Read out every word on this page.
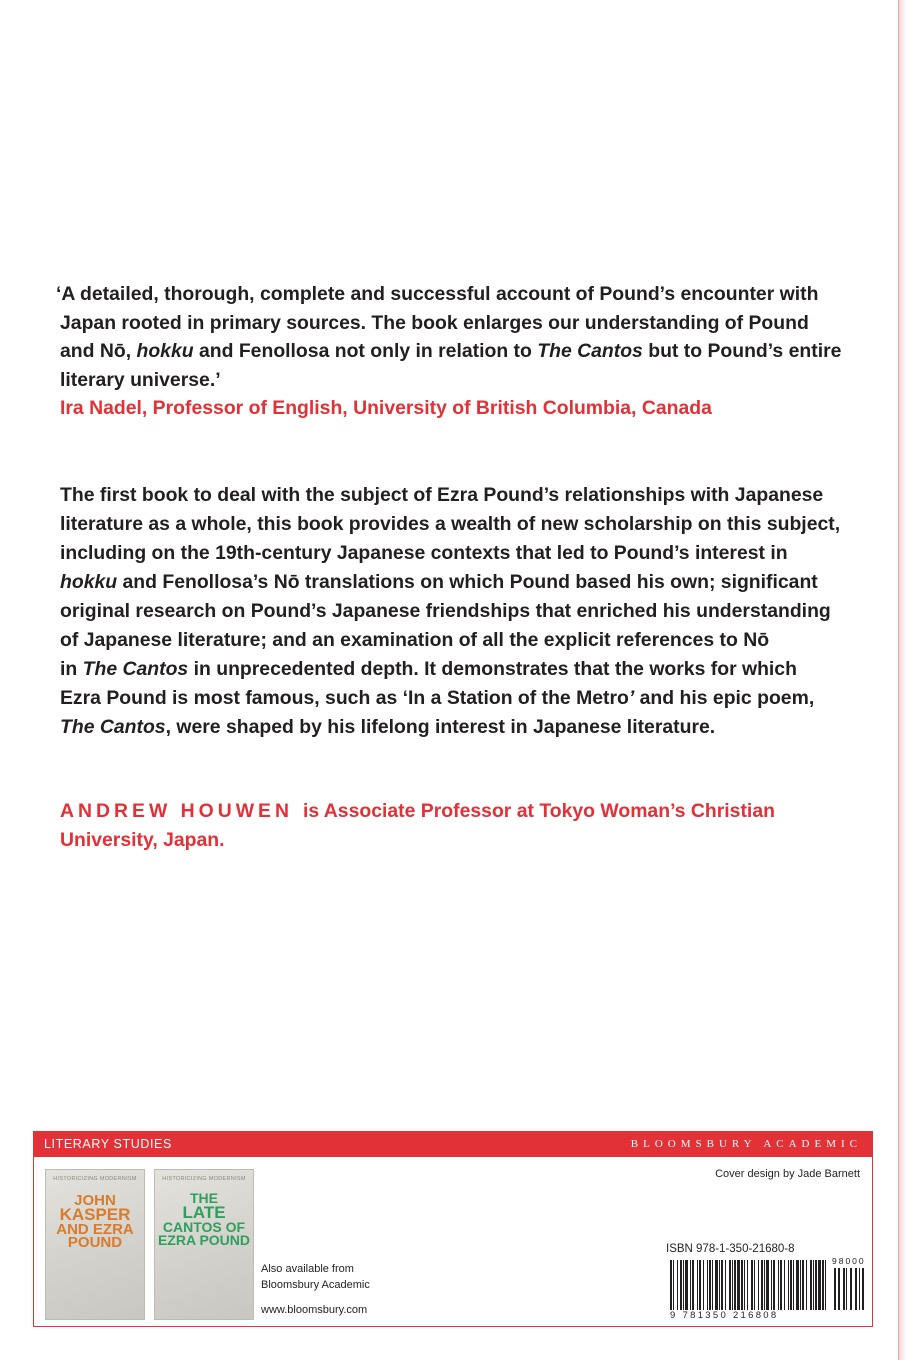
‘A detailed, thorough, complete and successful account of Pound’s encounter with
Japan rooted in primary sources. The book enlarges our understanding of Pound
and Nō, hokku and Fenollosa not only in relation to The Cantos but to Pound’s entire
literary universe.’
Ira Nadel, Professor of English, University of British Columbia, Canada
The first book to deal with the subject of Ezra Pound’s relationships with Japanese
literature as a whole, this book provides a wealth of new scholarship on this subject,
including on the 19th-century Japanese contexts that led to Pound’s interest in
hokku and Fenollosa’s Nō translations on which Pound based his own; significant
original research on Pound’s Japanese friendships that enriched his understanding
of Japanese literature; and an examination of all the explicit references to Nō
in The Cantos in unprecedented depth. It demonstrates that the works for which
Ezra Pound is most famous, such as ‘In a Station of the Metro’ and his epic poem,
The Cantos, were shaped by his lifelong interest in Japanese literature.
ANDREW HOUWEN is Associate Professor at Tokyo Woman’s Christian
University, Japan.
LITERARY STUDIES	BLOOMSBURY ACADEMIC
HISTORICIZING MODERNISM
JOHN
KASPER
AND EZRA
POUND
HISTORICIZING MODERNISM
THE
LATE
CANTOS OF
EZRA POUND
Also available from
Bloomsbury Academic
www.bloomsbury.com
Cover design by Jade Barnett
ISBN 978-1-350-21680-8
9 781350 216808
98000
